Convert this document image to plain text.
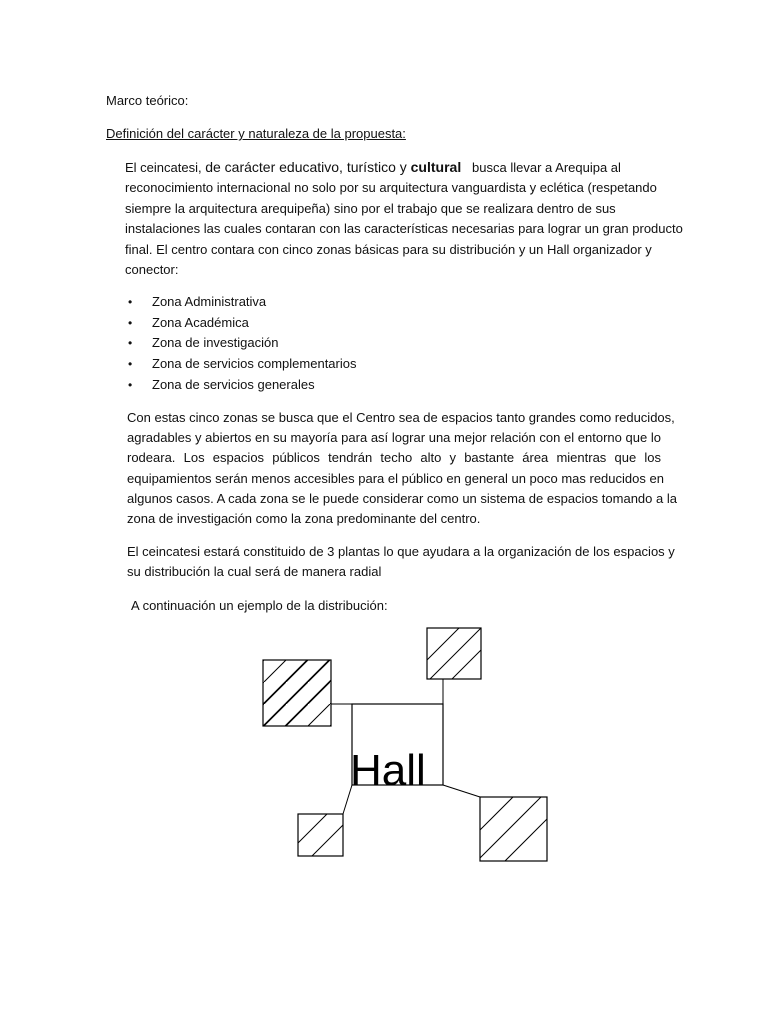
Marco teórico:
Definición del carácter y naturaleza de la propuesta:
El ceincatesi, de carácter educativo, turístico y cultural   busca llevar a Arequipa al
reconocimiento internacional no solo por su arquitectura vanguardista y eclética (respetando
siempre la arquitectura arequipeña) sino por el trabajo que se realizara dentro de sus
instalaciones las cuales contaran con las características necesarias para lograr un gran producto
final. El centro contara con cinco zonas básicas para su distribución y un Hall organizador y
conector:
• Zona Administrativa
• Zona Académica
• Zona de investigación
• Zona de servicios complementarios
• Zona de servicios generales
Con estas cinco zonas se busca que el Centro sea de espacios tanto grandes como reducidos,
agradables y abiertos en su mayoría para así lograr una mejor relación con el entorno que lo
rodeara. Los espacios públicos tendrán techo alto y bastante área mientras que los
equipamientos serán menos accesibles para el público en general un poco mas reducidos en
algunos casos. A cada zona se le puede considerar como un sistema de espacios tomando a la
zona de investigación como la zona predominante del centro.
El ceincatesi estará constituido de 3 plantas lo que ayudara a la organización de los espacios y
su distribución la cual será de manera radial
A continuación un ejemplo de la distribución:
Hall
